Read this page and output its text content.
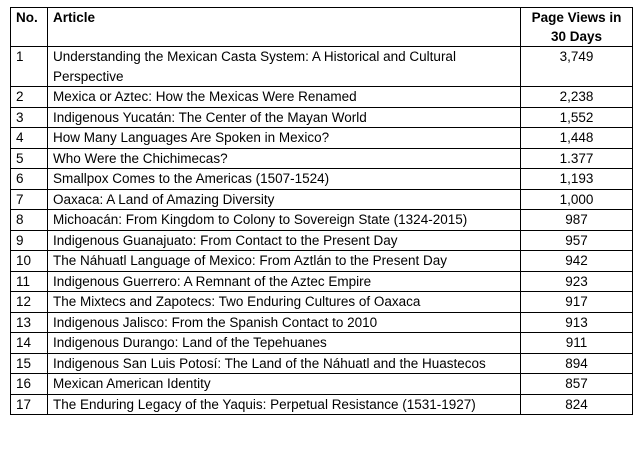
No.	Article	Page Views in 30 Days
1	Understanding the Mexican Casta System: A Historical and Cultural Perspective	3,749
2	Mexica or Aztec: How the Mexicas Were Renamed	2,238
3	Indigenous Yucatán: The Center of the Mayan World	1,552
4	How Many Languages Are Spoken in Mexico?	1,448
5	Who Were the Chichimecas?	1.377
6	Smallpox Comes to the Americas (1507-1524)	1,193
7	Oaxaca: A Land of Amazing Diversity	1,000
8	Michoacán: From Kingdom to Colony to Sovereign State (1324-2015)	987
9	Indigenous Guanajuato: From Contact to the Present Day	957
10	The Náhuatl Language of Mexico: From Aztlán to the Present Day	942
11	Indigenous Guerrero: A Remnant of the Aztec Empire	923
12	The Mixtecs and Zapotecs: Two Enduring Cultures of Oaxaca	917
13	Indigenous Jalisco: From the Spanish Contact to 2010	913
14	Indigenous Durango: Land of the Tepehuanes	911
15	Indigenous San Luis Potosí: The Land of the Náhuatl and the Huastecos	894
16	Mexican American Identity	857
17	The Enduring Legacy of the Yaquis: Perpetual Resistance (1531-1927)	824
